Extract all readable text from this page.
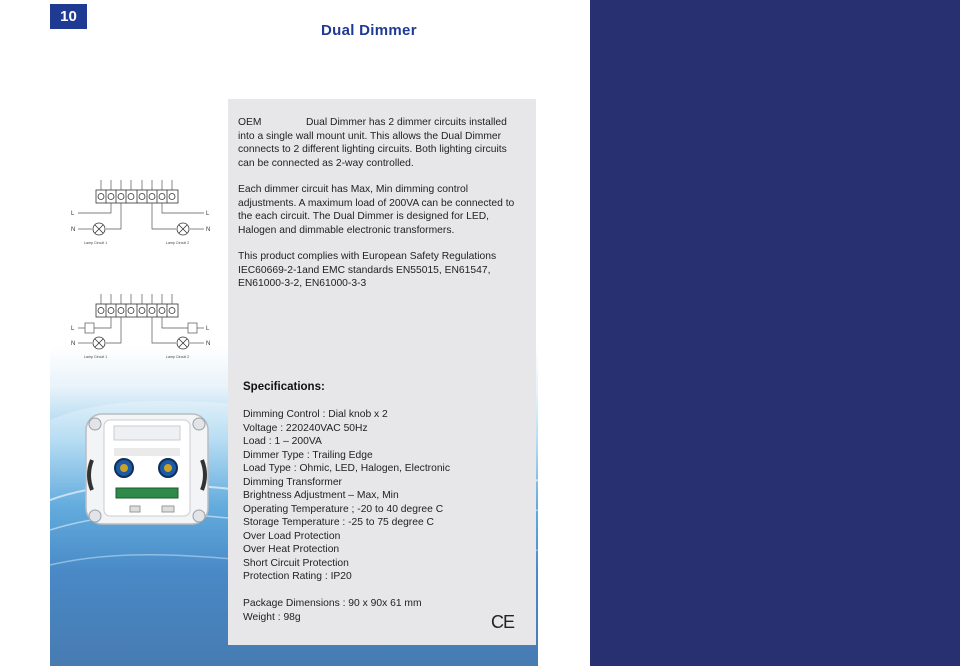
10
Dual Dimmer

OEM	Dual Dimmer has 2 dimmer circuits installed into a single wall mount unit. This allows the Dual Dimmer connects to 2 different lighting circuits. Both lighting circuits can be connected as 2-way controlled.

Each dimmer circuit has Max, Min dimming control adjustments. A maximum load of 200VA can be connected to the each circuit. The Dual Dimmer is designed for LED, Halogen and dimmable electronic transformers.

This product complies with European Safety Regulations IEC60669-2-1and EMC standards EN55015, EN61547, EN61000-3-2, EN61000-3-3

Specifications:
Dimming Control : Dial knob x 2
Voltage : 220240VAC 50Hz
Load : 1 – 200VA
Dimmer Type : Trailing Edge
Load Type : Ohmic, LED, Halogen, Electronic
Dimming Transformer
Brightness Adjustment – Max, Min
Operating Temperature ; -20 to 40 degree C
Storage Temperature : -25 to 75 degree C
Over Load Protection
Over Heat Protection
Short Circuit Protection
Protection Rating : IP20
Package Dimensions : 90 x 90x 61 mm
Weight : 98g	CE
L
N
L
N
Lamp Circuit 1	Lamp Circuit 2
L
N
L
N
Lamp Circuit 1	Lamp Circuit 2
